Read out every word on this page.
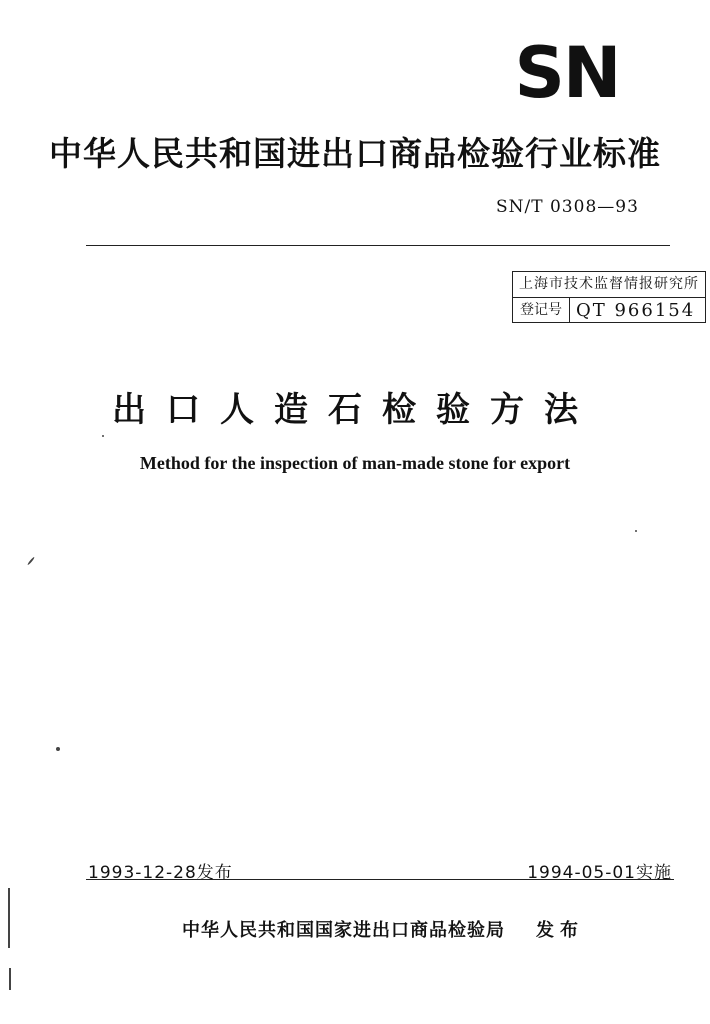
SN
中华人民共和国进出口商品检验行业标准
SN/T 0308—93
上海市技术监督情报研究所
登记号 QT 966154
出口人造石检验方法
Method for the inspection of man-made stone for export
1993-12-28发布	1994-05-01实施
中华人民共和国国家进出口商品检验局 发布
